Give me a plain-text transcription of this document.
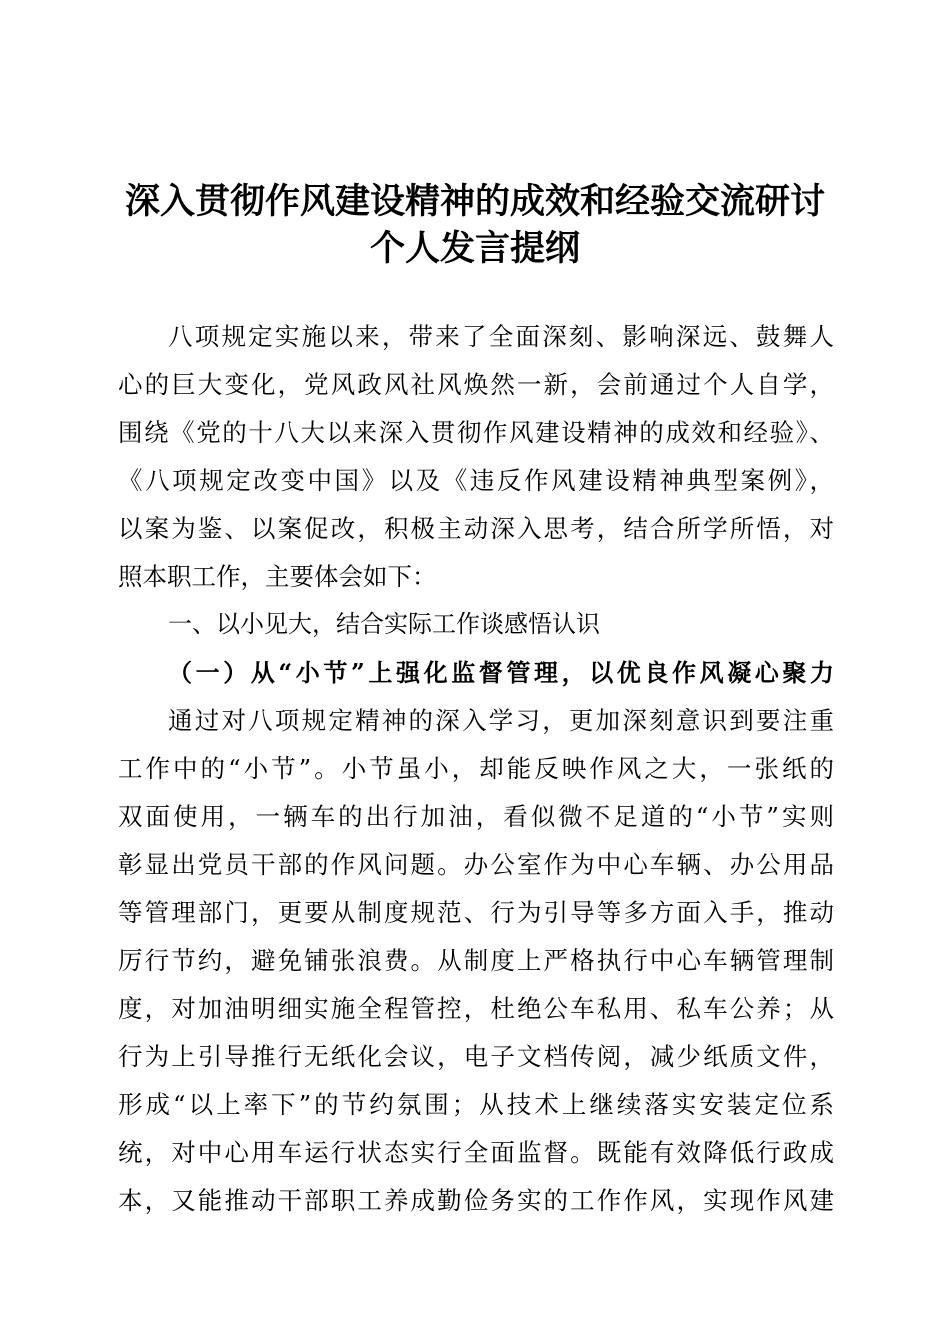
深入贯彻作风建设精神的成效和经验交流研讨
个人发言提纲
八项规定实施以来，带来了全面深刻、影响深远、鼓舞人
心的巨大变化，党风政风社风焕然一新，会前通过个人自学，
围绕《党的十八大以来深入贯彻作风建设精神的成效和经验》、
《八项规定改变中国》以及《违反作风建设精神典型案例》，
以案为鉴、以案促改，积极主动深入思考，结合所学所悟，对
照本职工作，主要体会如下：
一、以小见大，结合实际工作谈感悟认识
（一）从“小节”上强化监督管理，以优良作风凝心聚力
通过对八项规定精神的深入学习，更加深刻意识到要注重
工作中的“小节”。小节虽小，却能反映作风之大，一张纸的
双面使用，一辆车的出行加油，看似微不足道的“小节”实则
彰显出党员干部的作风问题。办公室作为中心车辆、办公用品
等管理部门，更要从制度规范、行为引导等多方面入手，推动
厉行节约，避免铺张浪费。从制度上严格执行中心车辆管理制
度，对加油明细实施全程管控，杜绝公车私用、私车公养；从
行为上引导推行无纸化会议，电子文档传阅，减少纸质文件，
形成“以上率下”的节约氛围；从技术上继续落实安装定位系
统，对中心用车运行状态实行全面监督。既能有效降低行政成
本，又能推动干部职工养成勤俭务实的工作作风，实现作风建
